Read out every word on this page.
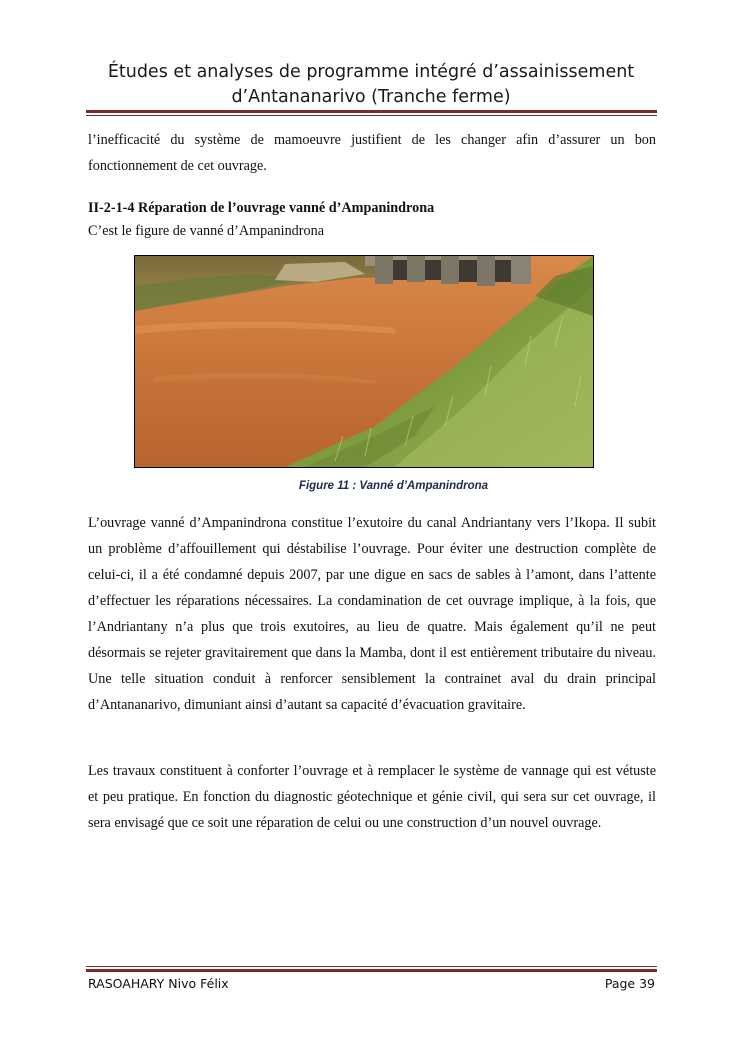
Études et analyses de programme intégré d’assainissement
d’Antananarivo (Tranche ferme)
l’inefficacité du système de mamoeuvre justifient de les changer afin d’assurer un bon fonctionnement de cet ouvrage.
II-2-1-4 Réparation de l’ouvrage vanné d’Ampanindrona
C’est le figure de vanné d’Ampanindrona
Figure 11 : Vanné d’Ampanindrona
L’ouvrage vanné d’Ampanindrona constitue l’exutoire du canal Andriantany vers l’Ikopa. Il subit un problème d’affouillement qui déstabilise l’ouvrage. Pour éviter une destruction complète de celui-ci, il a été condamné depuis 2007, par une digue en sacs de sables à l’amont, dans l’attente d’effectuer les réparations nécessaires. La condamination de cet ouvrage implique, à la fois, que l’Andriantany n’a plus que trois exutoires, au lieu de quatre. Mais également qu’il ne peut désormais se rejeter gravitairement que dans la Mamba, dont il est entièrement tributaire du niveau. Une telle situation conduit à renforcer sensiblement la contrainet aval du drain principal d’Antananarivo, dimuniant ainsi d’autant sa capacité d’évacuation gravitaire.
Les travaux constituent à conforter l’ouvrage et à remplacer le système de vannage qui est vétuste et peu pratique. En fonction du diagnostic géotechnique et génie civil, qui sera sur cet ouvrage, il sera envisagé que ce soit une réparation de celui ou une construction d’un nouvel ouvrage.
RASOAHARY Nivo Félix	Page 39
